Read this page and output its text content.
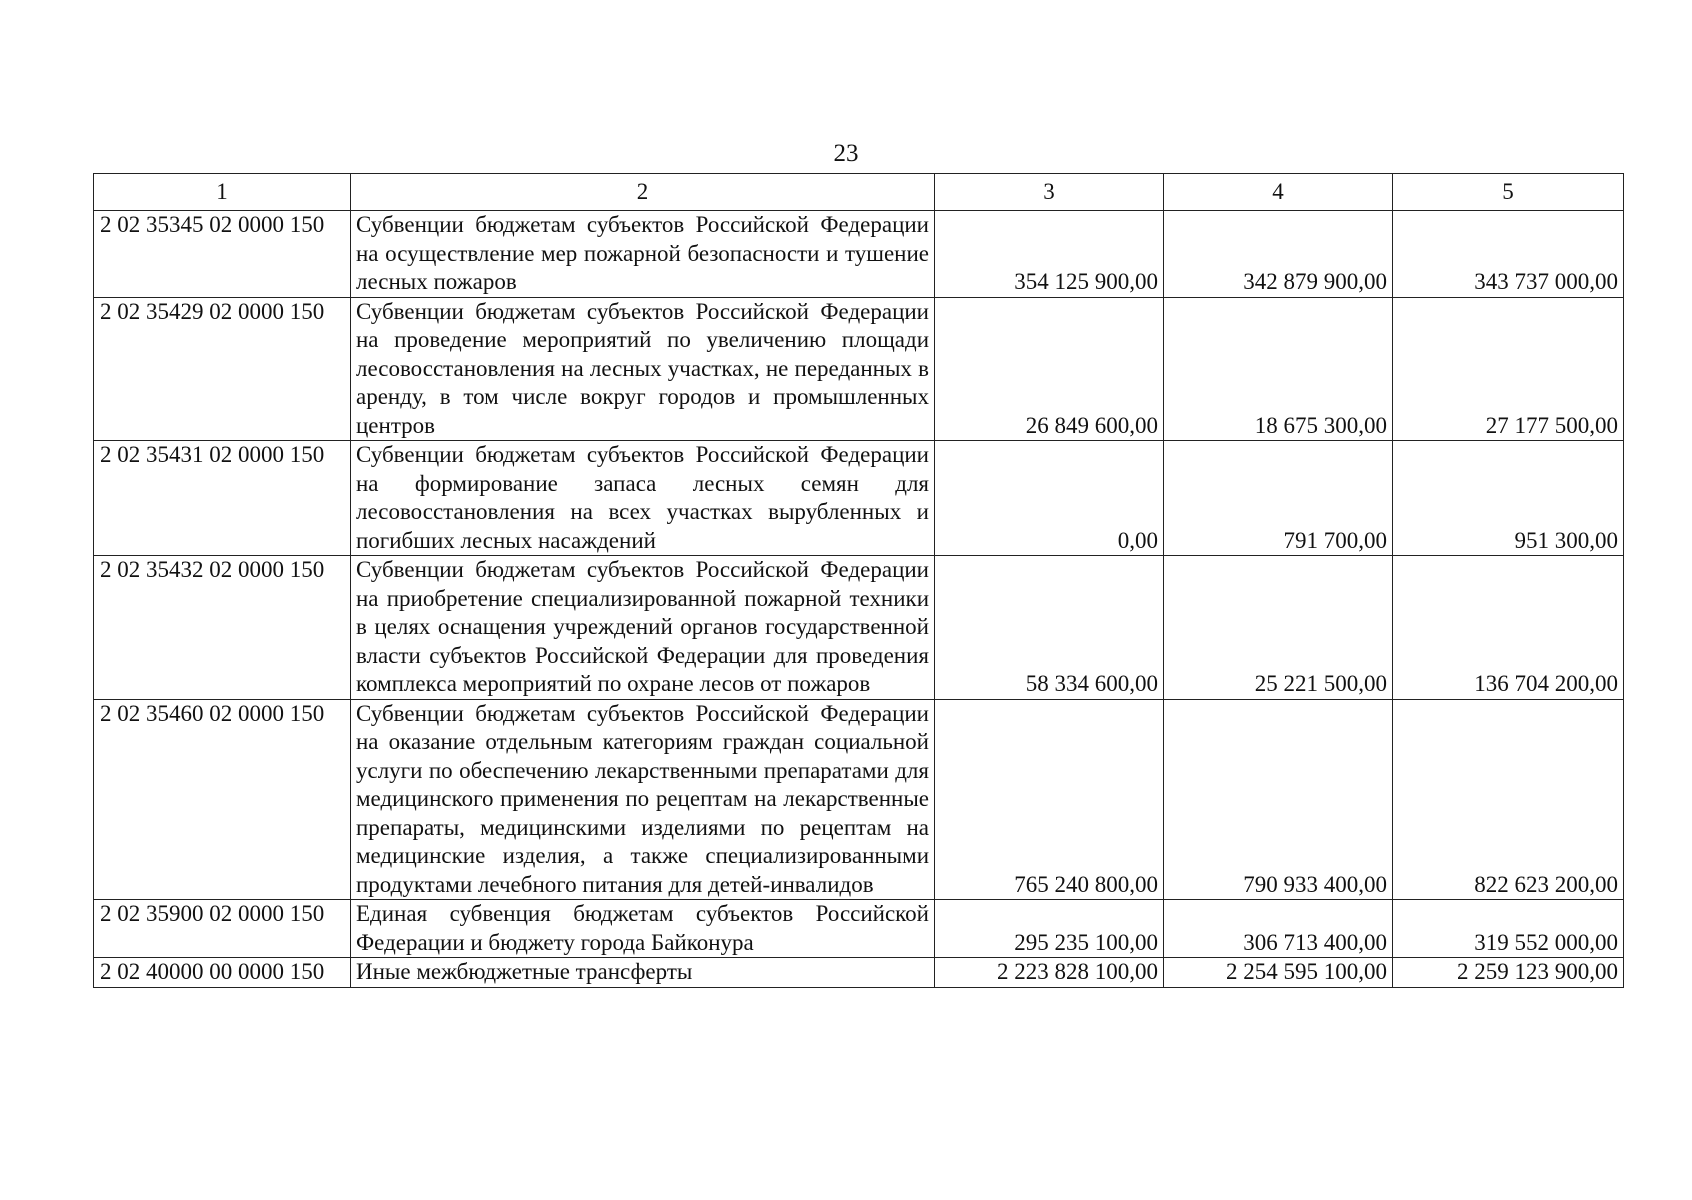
23
1	2	3	4	5
2 02 35345 02 0000 150	Субвенции бюджетам субъектов Российской Федерации на осуществление мер пожарной безопасности и тушение лесных пожаров	354 125 900,00	342 879 900,00	343 737 000,00
2 02 35429 02 0000 150	Субвенции бюджетам субъектов Российской Федерации на проведение мероприятий по увеличению площади лесовосстановления на лесных участках, не переданных в аренду, в том числе вокруг городов и промышленных центров	26 849 600,00	18 675 300,00	27 177 500,00
2 02 35431 02 0000 150	Субвенции бюджетам субъектов Российской Федерации на формирование запаса лесных семян для лесовосстановления на всех участках вырубленных и погибших лесных насаждений	0,00	791 700,00	951 300,00
2 02 35432 02 0000 150	Субвенции бюджетам субъектов Российской Федерации на приобретение специализированной пожарной техники в целях оснащения учреждений органов государственной власти субъектов Российской Федерации для проведения комплекса мероприятий по охране лесов от пожаров	58 334 600,00	25 221 500,00	136 704 200,00
2 02 35460 02 0000 150	Субвенции бюджетам субъектов Российской Федерации на оказание отдельным категориям граждан социальной услуги по обеспечению лекарственными препаратами для медицинского применения по рецептам на лекарственные препараты, медицинскими изделиями по рецептам на медицинские изделия, а также специализированными продуктами лечебного питания для детей-инвалидов	765 240 800,00	790 933 400,00	822 623 200,00
2 02 35900 02 0000 150	Единая субвенция бюджетам субъектов Российской Федерации и бюджету города Байконура	295 235 100,00	306 713 400,00	319 552 000,00
2 02 40000 00 0000 150	Иные межбюджетные трансферты	2 223 828 100,00	2 254 595 100,00	2 259 123 900,00
